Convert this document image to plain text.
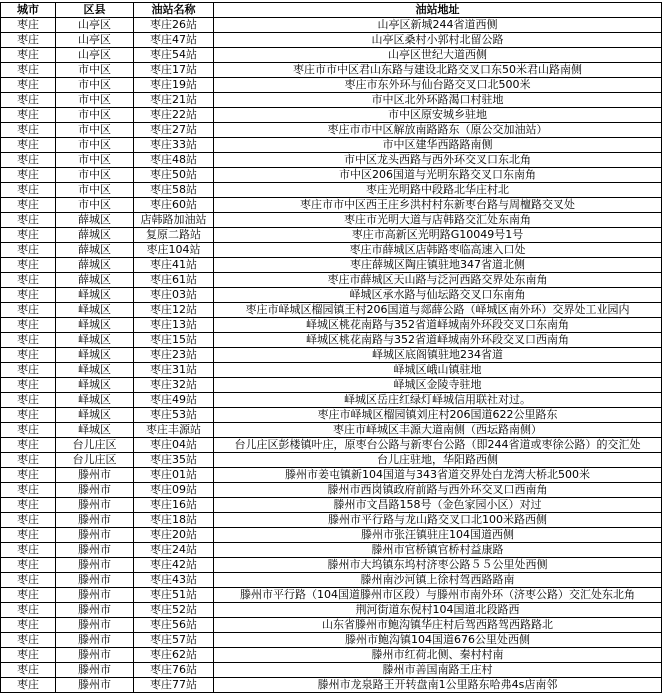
城市	区县	油站名称	油站地址
枣庄	山亭区	枣庄26站	山亭区新城244省道西侧
枣庄	山亭区	枣庄47站	山亭区桑村小郭村北留公路
枣庄	山亭区	枣庄54站	山亭区世纪大道西侧
枣庄	市中区	枣庄17站	枣庄市市中区君山东路与建设北路交叉口东50米君山路南侧
枣庄	市中区	枣庄19站	枣庄市东外环与仙台路交叉口北500米
枣庄	市中区	枣庄21站	市中区北外环路渴口村驻地
枣庄	市中区	枣庄22站	市中区原安城乡驻地
枣庄	市中区	枣庄27站	枣庄市市中区解放南路路东（原公交加油站）
枣庄	市中区	枣庄33站	市中区建华西路路南侧
枣庄	市中区	枣庄48站	市中区龙头西路与西外环交叉口东北角
枣庄	市中区	枣庄50站	市中区206国道与光明东路交叉口东南角
枣庄	市中区	枣庄58站	枣庄光明路中段路北华庄村北
枣庄	市中区	枣庄60站	枣庄市市中区西王庄乡洪村村东新枣台路与周檀路交叉处
枣庄	薛城区	店韩路加油站	枣庄市光明大道与店韩路交汇处东南角
枣庄	薛城区	复原二路站	枣庄市高新区光明路G10049号1号
枣庄	薛城区	枣庄104站	枣庄市薛城区店韩路枣临高速入口处
枣庄	薛城区	枣庄41站	枣庄薛城区陶庄镇驻地347省道北侧
枣庄	薛城区	枣庄61站	枣庄市薛城区天山路与泛河西路交界处东南角
枣庄	峄城区	枣庄03站	峄城区承水路与仙坛路交叉口东南角
枣庄	峄城区	枣庄12站	枣庄市峄城区榴园镇王村206国道与郯薛公路（峄城区南外环）交界处工业园内
枣庄	峄城区	枣庄13站	峄城区桃花南路与352省道峄城南外环段交叉口东南角
枣庄	峄城区	枣庄15站	峄城区桃花南路与352省道峄城南外环段交叉口西南角
枣庄	峄城区	枣庄23站	峄城区底阁镇驻地234省道
枣庄	峄城区	枣庄31站	峄城区峨山镇驻地
枣庄	峄城区	枣庄32站	峄城区金陵寺驻地
枣庄	峄城区	枣庄49站	峄城区岳庄红绿灯峄城信用联社对过。
枣庄	峄城区	枣庄53站	枣庄市峄城区榴园镇刘庄村206国道622公里路东
枣庄	峄城区	枣庄丰源站	枣庄市峄城区丰源大道南侧（西坛路南侧）
枣庄	台儿庄区	枣庄04站	台儿庄区彭楼镇叶庄，原枣台公路与新枣台公路（即244省道或枣徐公路）的交汇处
枣庄	台儿庄区	枣庄35站	台儿庄驻地，华阳路西侧
枣庄	滕州市	枣庄01站	滕州市姜屯镇新104国道与343省道交界处白龙湾大桥北500米
枣庄	滕州市	枣庄09站	滕州市西岗镇政府前路与西外环交叉口西南角
枣庄	滕州市	枣庄16站	滕州市文昌路158号（金色家园小区）对过
枣庄	滕州市	枣庄18站	滕州市平行路与龙山路交叉口北100米路西侧
枣庄	滕州市	枣庄20站	滕州市张汪镇驻庄104国道西侧
枣庄	滕州市	枣庄24站	滕州市官桥镇官桥村益康路
枣庄	滕州市	枣庄42站	滕州市大坞镇东坞村济枣公路５５公里处西侧
枣庄	滕州市	枣庄43站	滕州南沙河镇上徐村驾西路路南
枣庄	滕州市	枣庄51站	滕州市平行路（104国道滕州市区段）与滕州市南外环（济枣公路）交汇处东北角
枣庄	滕州市	枣庄52站	荆河街道东倪村104国道北段路西
枣庄	滕州市	枣庄56站	山东省滕州市鲍沟镇华庄村后驾西路驾西路路北
枣庄	滕州市	枣庄57站	滕州市鲍沟镇104国道676公里处西侧
枣庄	滕州市	枣庄62站	滕州市红荷北侧、秦村村南
枣庄	滕州市	枣庄76站	滕州市善国南路王庄村
枣庄	滕州市	枣庄77站	滕州市龙泉路王开转盘南1公里路东哈弗4s店南邻
